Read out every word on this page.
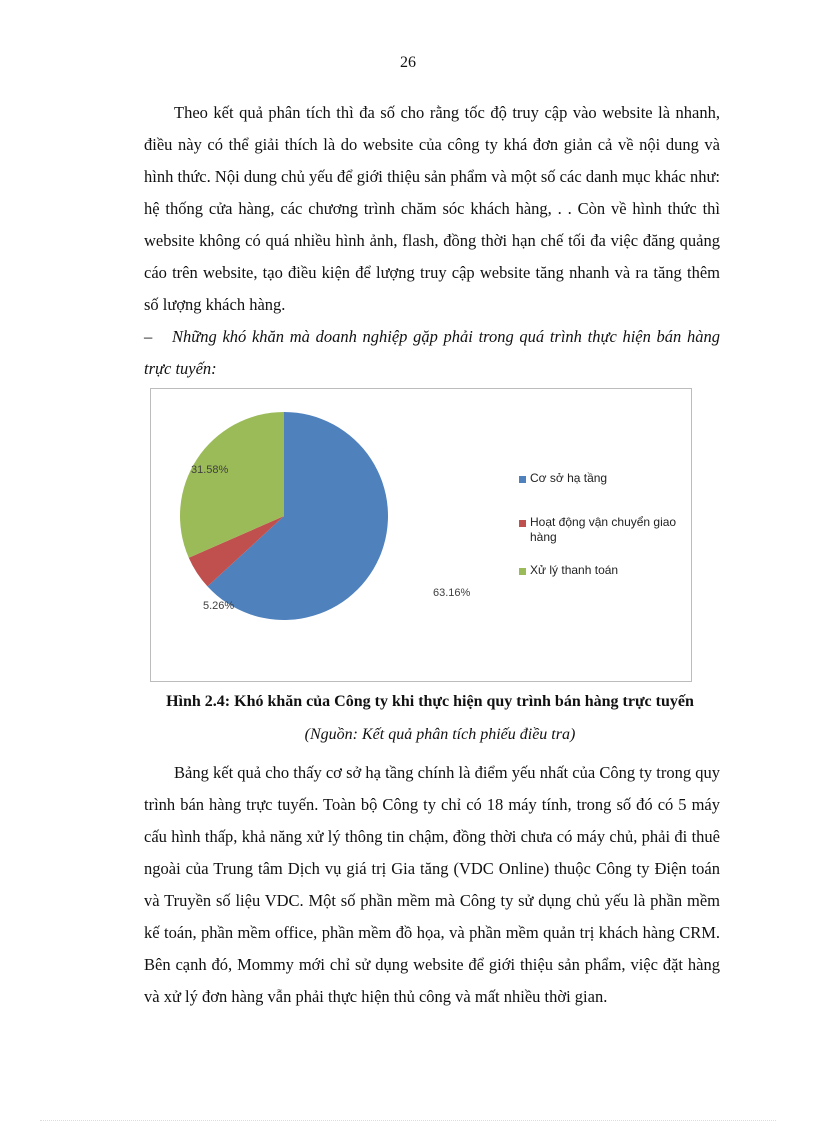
26

Theo kết quả phân tích thì đa số cho rằng tốc độ truy cập vào website là nhanh, điều này có thể giải thích là do website của công ty khá đơn giản cả về nội dung và hình thức. Nội dung chủ yếu để giới thiệu sản phẩm và một số các danh mục khác như: hệ thống cửa hàng, các chương trình chăm sóc khách hàng, . . Còn về hình thức thì website không có quá nhiều hình ảnh, flash, đồng thời hạn chế tối đa việc đăng quảng cáo trên website, tạo điều kiện để lượng truy cập website tăng nhanh và ra tăng thêm số lượng khách hàng.

– Những khó khăn mà doanh nghiệp gặp phải trong quá trình thực hiện bán hàng trực tuyến:

63.16%
5.26%
31.58%
Cơ sở hạ tầng
Hoạt động vận chuyển giao hàng
Xử lý thanh toán
Hình 2.4: Khó khăn của Công ty khi thực hiện quy trình bán hàng trực tuyến
(Nguồn: Kết quả phân tích phiếu điều tra)

Bảng kết quả cho thấy cơ sở hạ tầng chính là điểm yếu nhất của Công ty trong quy trình bán hàng trực tuyến. Toàn bộ Công ty chỉ có 18 máy tính, trong số đó có 5 máy cấu hình thấp, khả năng xử lý thông tin chậm, đồng thời chưa có máy chủ, phải đi thuê ngoài của Trung tâm Dịch vụ giá trị Gia tăng (VDC Online) thuộc Công ty Điện toán và Truyền số liệu VDC. Một số phần mềm mà Công ty sử dụng chủ yếu là phần mềm kế toán, phần mềm office, phần mềm đồ họa, và phần mềm quản trị khách hàng CRM. Bên cạnh đó, Mommy mới chỉ sử dụng website để giới thiệu sản phẩm, việc đặt hàng và xử lý đơn hàng vẫn phải thực hiện thủ công và mất nhiều thời gian.
